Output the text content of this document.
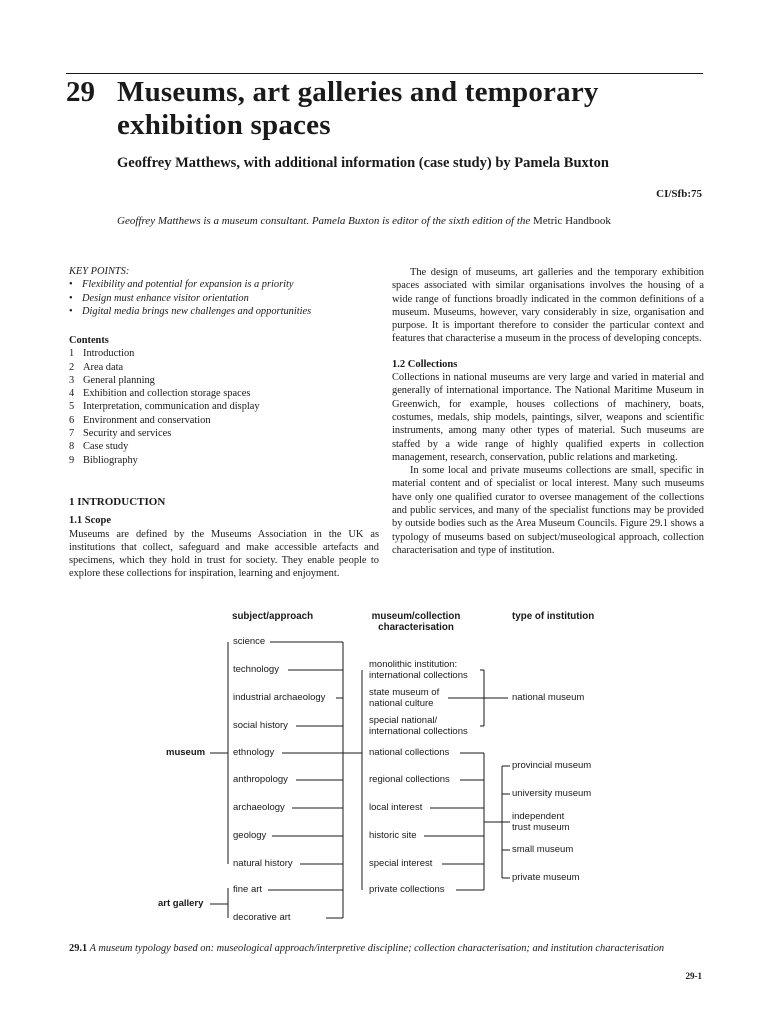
29 Museums, art galleries and temporary exhibition spaces
Geoffrey Matthews, with additional information (case study) by Pamela Buxton
CI/Sfb:75
Geoffrey Matthews is a museum consultant. Pamela Buxton is editor of the sixth edition of the Metric Handbook
KEY POINTS:
• Flexibility and potential for expansion is a priority
• Design must enhance visitor orientation
• Digital media brings new challenges and opportunities
Contents
1 Introduction
2 Area data
3 General planning
4 Exhibition and collection storage spaces
5 Interpretation, communication and display
6 Environment and conservation
7 Security and services
8 Case study
9 Bibliography
1 INTRODUCTION
1.1 Scope

Museums are defined by the Museums Association in the UK as institutions that collect, safeguard and make accessible artefacts and specimens, which they hold in trust for society. They enable people to explore these collections for inspiration, learning and enjoyment.

The design of museums, art galleries and the temporary exhibition spaces associated with similar organisations involves the housing of a wide range of functions broadly indicated in the common definitions of a museum. Museums, however, vary considerably in size, organisation and purpose. It is important therefore to consider the particular context and features that characterise a museum in the process of developing concepts.

1.2 Collections

Collections in national museums are very large and varied in material and generally of international importance. The National Maritime Museum in Greenwich, for example, houses collections of machinery, boats, costumes, medals, ship models, paintings, silver, weapons and scientific instruments, among many other types of material. Such museums are staffed by a wide range of highly qualified experts in collection management, research, conservation, public relations and marketing.

In some local and private museums collections are small, specific in material content and of specialist or local interest. Many such museums have only one qualified curator to oversee management of the collections and public services, and many of the specialist functions may be provided by outside bodies such as the Area Museum Councils. Figure 29.1 shows a typology of museums based on subject/museological approach, collection characterisation and type of institution.

subject/approach	museum/collection characterisation
type of institution
museum
art gallery
science
technology
industrial archaeology
social history
ethnology
anthropology
archaeology
geology
natural history
fine art
decorative art
monolithic institution: international collections
state museum of national culture
special national/ international collections
national collections
regional collections
local interest
historic site
special interest
private collections
national museum
provincial museum
university museum
independent trust museum
small museum
private museum
29.1 A museum typology based on: museological approach/interpretive discipline; collection characterisation; and institution characterisation
29-1
